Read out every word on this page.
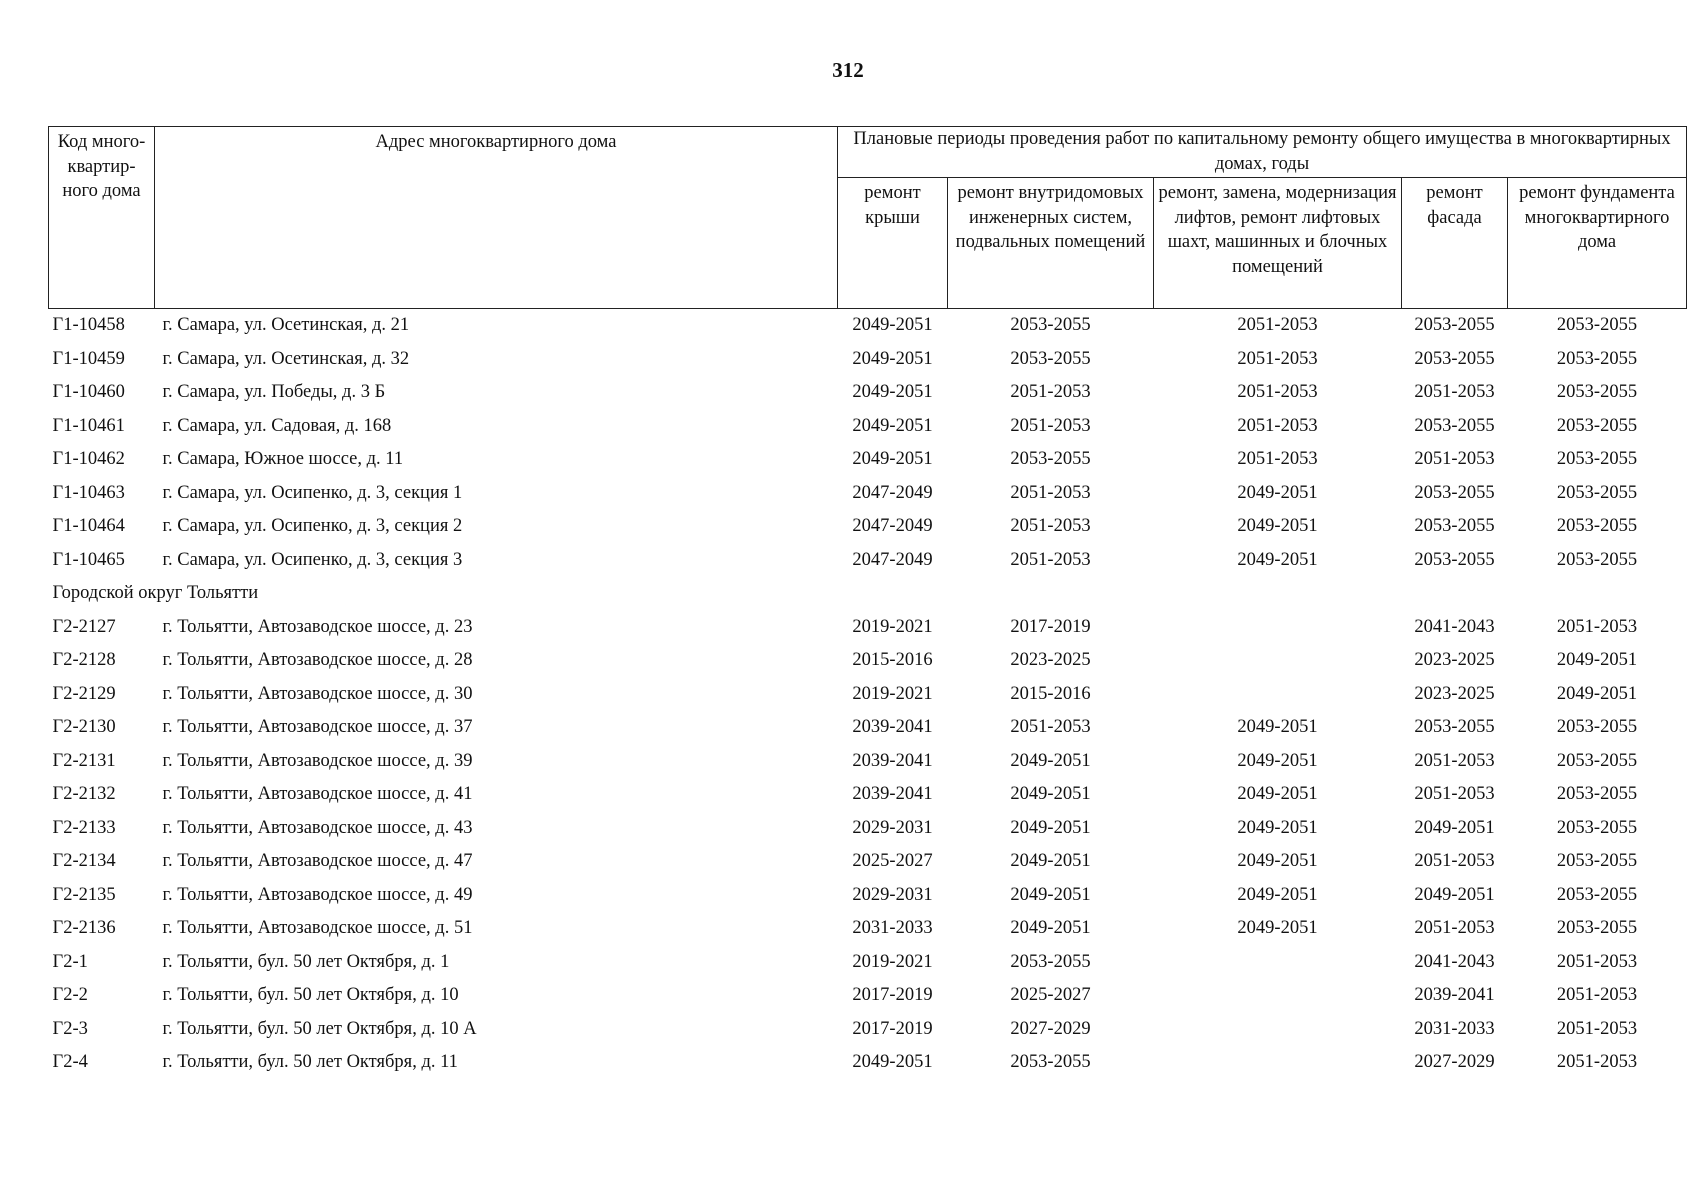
312
Код много-квартир-ного дома	Адрес многоквартирного дома	Плановые периоды проведения работ по капитальному ремонту общего имущества в многоквартирных домах, годы				
		ремонт крыши	ремонт внутридомовых инженерных систем, подвальных помещений	ремонт, замена, модернизация лифтов, ремонт лифтовых шахт, машинных и блочных помещений	ремонт фасада	ремонт фундамента многоквартирного дома
Г1-10458	г. Самара, ул. Осетинская, д. 21	2049-2051	2053-2055	2051-2053	2053-2055	2053-2055
Г1-10459	г. Самара, ул. Осетинская, д. 32	2049-2051	2053-2055	2051-2053	2053-2055	2053-2055
Г1-10460	г. Самара, ул. Победы, д. 3 Б	2049-2051	2051-2053	2051-2053	2051-2053	2053-2055
Г1-10461	г. Самара, ул. Садовая, д. 168	2049-2051	2051-2053	2051-2053	2053-2055	2053-2055
Г1-10462	г. Самара, Южное шоссе, д. 11	2049-2051	2053-2055	2051-2053	2051-2053	2053-2055
Г1-10463	г. Самара, ул. Осипенко, д. 3, секция 1	2047-2049	2051-2053	2049-2051	2053-2055	2053-2055
Г1-10464	г. Самара, ул. Осипенко, д. 3, секция 2	2047-2049	2051-2053	2049-2051	2053-2055	2053-2055
Г1-10465	г. Самара, ул. Осипенко, д. 3, секция 3	2047-2049	2051-2053	2049-2051	2053-2055	2053-2055
Городской округ Тольятти						
Г2-2127	г. Тольятти, Автозаводское шоссе, д. 23	2019-2021	2017-2019		2041-2043	2051-2053
Г2-2128	г. Тольятти, Автозаводское шоссе, д. 28	2015-2016	2023-2025		2023-2025	2049-2051
Г2-2129	г. Тольятти, Автозаводское шоссе, д. 30	2019-2021	2015-2016		2023-2025	2049-2051
Г2-2130	г. Тольятти, Автозаводское шоссе, д. 37	2039-2041	2051-2053	2049-2051	2053-2055	2053-2055
Г2-2131	г. Тольятти, Автозаводское шоссе, д. 39	2039-2041	2049-2051	2049-2051	2051-2053	2053-2055
Г2-2132	г. Тольятти, Автозаводское шоссе, д. 41	2039-2041	2049-2051	2049-2051	2051-2053	2053-2055
Г2-2133	г. Тольятти, Автозаводское шоссе, д. 43	2029-2031	2049-2051	2049-2051	2049-2051	2053-2055
Г2-2134	г. Тольятти, Автозаводское шоссе, д. 47	2025-2027	2049-2051	2049-2051	2051-2053	2053-2055
Г2-2135	г. Тольятти, Автозаводское шоссе, д. 49	2029-2031	2049-2051	2049-2051	2049-2051	2053-2055
Г2-2136	г. Тольятти, Автозаводское шоссе, д. 51	2031-2033	2049-2051	2049-2051	2051-2053	2053-2055
Г2-1	г. Тольятти, бул. 50 лет Октября, д. 1	2019-2021	2053-2055		2041-2043	2051-2053
Г2-2	г. Тольятти, бул. 50 лет Октября, д. 10	2017-2019	2025-2027		2039-2041	2051-2053
Г2-3	г. Тольятти, бул. 50 лет Октября, д. 10 А	2017-2019	2027-2029		2031-2033	2051-2053
Г2-4	г. Тольятти, бул. 50 лет Октября, д. 11	2049-2051	2053-2055		2027-2029	2051-2053
